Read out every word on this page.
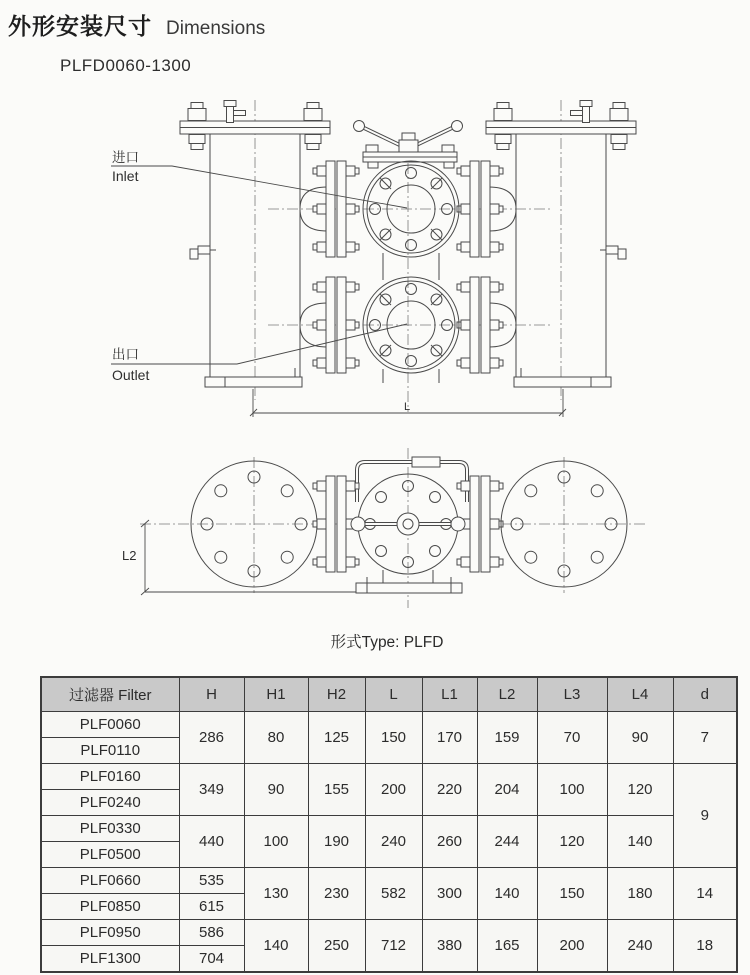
外形安装尺寸 Dimensions
PLFD0060-1300
L
进口
Inlet
出口
Outlet
L2
形式Type: PLFD
过滤器 Filter	H	H1	H2	L	L1	L2	L3	L4	d
PLF0060	286	80	125	150	170	159	70	90	7
PLF0110									
PLF0160	349	90	155	200	220	204	100	120	9
PLF0240									
PLF0330	440	100	190	240	260	244	120	140	
PLF0500									
PLF0660	535	130	230	582	300	140	150	180	14
PLF0850	615								
PLF0950	586	140	250	712	380	165	200	240	18
PLF1300	704								
